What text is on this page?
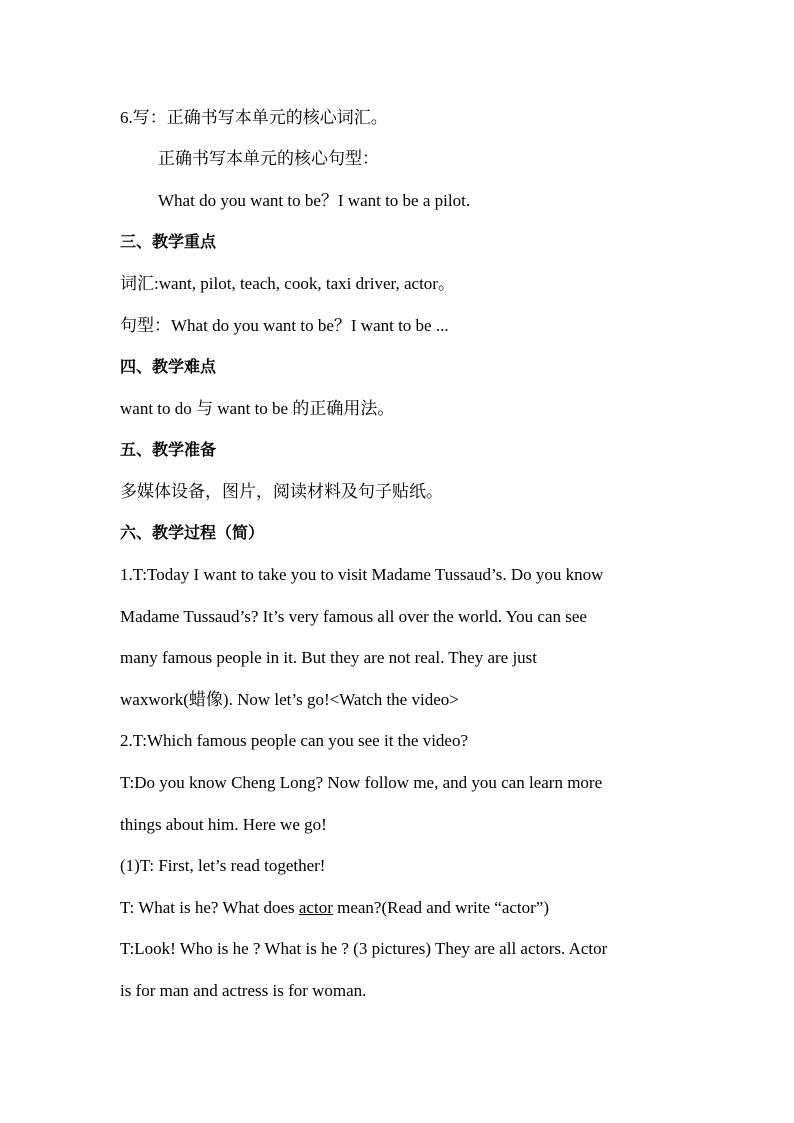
6.写：正确书写本单元的核心词汇。
正确书写本单元的核心句型：
What do you want to be？I want to be a pilot.
三、教学重点
词汇:want, pilot, teach, cook, taxi driver, actor。
句型：What do you want to be？I want to be ...
四、教学难点
want to do 与 want to be 的正确用法。
五、教学准备
多媒体设备，图片，阅读材料及句子贴纸。
六、教学过程（简）
1.T:Today I want to take you to visit Madame Tussaud’s. Do you know
Madame Tussaud’s? It’s very famous all over the world. You can see
many famous people in it. But they are not real. They are just
waxwork(蜡像). Now let’s go!<Watch the video>
2.T:Which famous people can you see it the video?
T:Do you know Cheng Long? Now follow me, and you can learn more
things about him. Here we go!
(1)T: First, let’s read together!
T: What is he? What does actor mean?(Read and write “actor”)
T:Look! Who is he ? What is he ? (3 pictures) They are all actors. Actor
is for man and actress is for woman.
